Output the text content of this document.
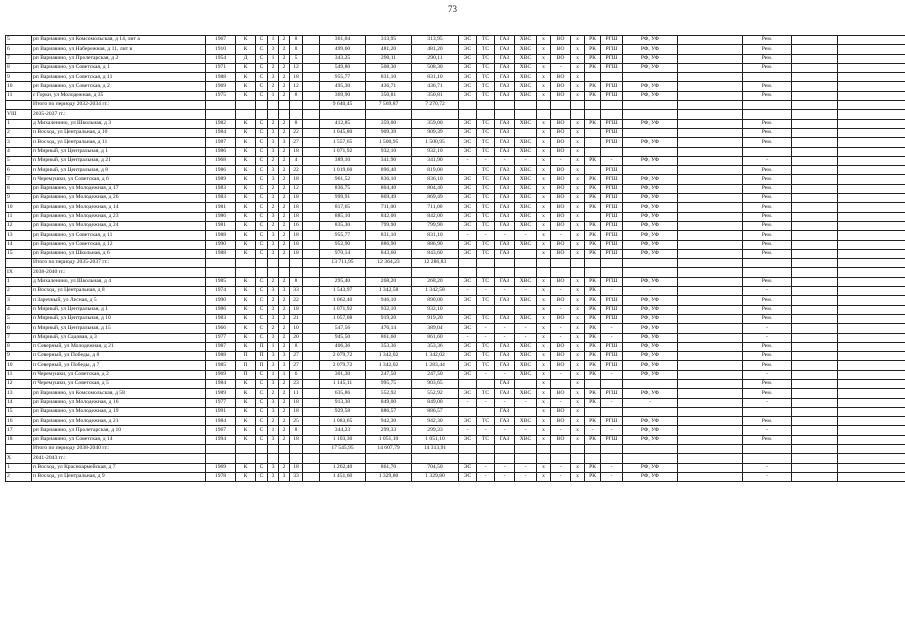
73
5	рп Варнавино, ул Комсомольская, д 14, лит а	1967	К	С	1	2	8		361,04	313,95	313,95	ЭС	ТС	ГАЗ	ХВС	х	ВО	х	РК	РГШ	РФ, УФ		Рем.		
6	рп Варнавино, ул Набережная, д 11, лит в	1910	К	С	3	2	8		499,60	481,20	481,20	ЭС	ТС	ГАЗ	ХВС	х	ВО	х	РК	РГШ	РФ, УФ		Рем.		
7	рп Варнавино, ул Пролетарская, д 2	1954	Д	С	1	2	5		343,25	290,11	290,11	ЭС	ТС	ГАЗ	ХВС	х	ВО	х	РК	РГШ	РФ, УФ		Рем.		
8	рп Варнавино, ул Советская, д 1	1971	К	С	2	2	12		549,80	508,30	508,30	ЭС	ТС	ГАЗ	ХВС	х	-	х	РК	РГШ	РФ, УФ		Рем.		
9	рп Варнавино, ул Советская, д 11	1988	К	С	3	2	18		955,77	831,10	831,10	ЭС	ТС	ГАЗ	ХВС	х	ВО	х							
10	рп Варнавино, ул Советская, д 2	1969	К	С	2	2	12		495,30	436,71	436,71	ЭС	ТС	ГАЗ	ХВС	х	ВО	х	РК	РГШ	РФ, УФ		Рем.		
11	с Горки, ул Молодежная, д 35	1975	К	С	1	2	8		369,90	350,81	350,81	ЭС	ТС	ГАЗ	ХВС	х	ВО	х	РК	РГШ	РФ, УФ		Рем.		
	Итого по периоду 2032-2034 гг.:								9 640,45	7 569,87	7 270,72														
VIII	2035-2037 гг.:																								
1	д Михаленино, ул Школьная, д 3	1982	К	С	2	2	8		412,85	359,00	359,00	ЭС	ТС	ГАЗ	ХВС	х	ВО	х	РК	РГШ	РФ, УФ		Рем.		
2	п Восход, ул Центральная, д 10	1984	К	С	3	2	22		1 045,80	909,39	909,39	ЭС	ТС	ГАЗ		х	ВО	х		РГШ			Рем.		
3	п Восход, ул Центральная, д 11	1987	К	С	3	3	27		1 557,65	1 500,95	1 500,95	ЭС	ТС	ГАЗ	ХВС	х	ВО	х		РГШ	РФ, УФ		Рем.		
4	п Мирный, ул Центральная, д 1	1986	К	С	3	2	18		1 071,92	932,10	932,10	ЭС	ТС	ГАЗ	ХВС	х	ВО	х							
5	п Мирный, ул Центральная, д 21	1968	К	С	2	2	4		389,10	341,90	341,90	-	-	-	-	х	-	х	РК	-	РФ, УФ		-		
6	п Мирный, ул Центральная, д 8	1986	К	С	3	2	22		1 019,60	896,40	819,00		ТС	ГАЗ	ХВС	х	ВО	х		РГШ			Рем.		
7	п Черемушки, ул Советская, д 6	1989	К	С	3	2	18		961,52	836,10	836,10	ЭС	ТС	ГАЗ	ХВС	х	ВО	х	РК	РГШ	РФ, УФ		Рем.		
8	рп Варнавино, ул Молодежная, д 17	1983	К	С	2	2	12		836,75	804,40	804,40	ЭС	ТС	ГАЗ	ХВС	х	ВО	х	РК	РГШ	РФ, УФ		Рем.		
9	рп Варнавино, ул Молодежная, д 26	1983	К	С	3	2	18		999,91	869,49	869,49	ЭС	ТС	ГАЗ	ХВС	х	ВО	х	РК	РГШ	РФ, УФ		Рем.		
10	рп Варнавино, ул Молодежная, д 14	1981	К	С	2	2	18		817,65	711,00	711,00	ЭС	ТС	ГАЗ	ХВС	х	ВО	х	РК	РГШ	РФ, УФ		Рем.		
11	рп Варнавино, ул Молодежная, д 23	1986	К	С	3	2	18		885,10	842,00	842,00	ЭС	ТС	ГАЗ	ХВС	х	ВО	х		РГШ	РФ, УФ		Рем.		
12	рп Варнавино, ул Молодежная, д 24	1981	К	С	2	2	16		835,30	799,90	799,90	ЭС	ТС	ГАЗ	ХВС	х	ВО	х	РК	РГШ	РФ, УФ		Рем.		
13	рп Варнавино, ул Советская, д 11	1988	К	С	3	2	18		955,77	831,10	831,10	-	-	-	-	х	-	х	РК	РГШ	РФ, УФ		Рем.		
14	рп Варнавино, ул Советская, д 12	1990	К	С	3	2	18		952,90	886,90	886,90	ЭС	ТС	ГАЗ	ХВС	х	ВО	х	РК	РГШ	РФ, УФ		Рем.		
15	рп Варнавино, ул Школьная, д 6	1988	К	С	3	2	18		970,14	843,60	843,60	ЭС	ТС	ГАЗ		х	ВО	х	РК	РГШ	РФ, УФ		Рем.		
	Итого по периоду 2035-2037 гг.:								13 711,95	12 364,23	12 286,83														
IX	2038-2040 гг.:																								
1	д Михаленино, ул Школьная, д 4	1985	К	С	2	2	8		295,40	268,20	268,20	ЭС	ТС	ГАЗ	ХВС	х	ВО	х	РК	РГШ	РФ, УФ		Рем.		
2	п Восход, ул Центральная, д 8	1974	К	С	3	3	33		1 543,97	1 342,58	1 342,58	-	-	-	-	х	-	х	РК	-	-		-		
3	п Заречный, ул Лесная, д 5	1990	К	С	2	2	22		1 062,40	946,10	890,00	ЭС	ТС	ГАЗ	ХВС	х	ВО	х	РК	РГШ	РФ, УФ		Рем.		
4	п Мирный, ул Центральная, д 1	1986	К	С	3	2	18		1 071,92	932,10	932,10					х	-	х	РК	РГШ	РФ, УФ		Рем.		
5	п Мирный, ул Центральная, д 10	1983	К	С	3	2	21		1 057,08	919,20	919,20	ЭС	ТС	ГАЗ	ХВС	х	ВО	х	РК	РГШ	РФ, УФ		Рем.		
6	п Мирный, ул Центральная, д 15	1966	К	С	2	2	10		547,56	476,14	389,04	ЭС	-	-	-	х	-	х	РК	-	РФ, УФ		-		
7	п Мирный, ул Садовая, д 3	1977	К	С	3	2	20		945,50	861,60	861,60	-	-	-	-	х	-	х	РК	-	РФ, УФ		-		
8	п Северный, ул Молодежная, д 21	1987	К	П	1	2	8		406,36	353,36	353,36	ЭС	ТС	ГАЗ	ХВС	х	ВО	х	РК	РГШ	РФ, УФ		Рем.		
9	п Северный, ул Победы, д 8	1988	П	П	3	3	27		2 079,72	1 342,02	1 342,02	ЭС	ТС	ГАЗ	ХВС	х	ВО	х	РК	РГШ	РФ, УФ		Рем.		
10	п Северный, ул Победы, д 7	1985	П	П	3	3	27		2 079,72	1 342,02	1 283,44	ЭС	ТС	ГАЗ	ХВС	х	ВО	х	РК	РГШ	РФ, УФ		Рем.		
11	п Черемушки, ул Советская, д 2	1969	П	С	1	1	6		301,30	247,50	247,50	ЭС	-	-	ХВС	х	-	х	РК	-	РФ, УФ		-		
12	п Черемушки, ул Советская, д 5	1984	К	С	3	2	23		1 145,11	995,75	903,65			ГАЗ		х		х					Рем.		
13	рп Варнавино, ул Комсомольская, д 58	1989	К	С	2	2	11		635,86	552,92	552,92	ЭС	ТС	ГАЗ	ХВС	х	ВО	х	РК	РГШ	РФ, УФ		Рем.		
14	рп Варнавино, ул Молодежная, д 16	1977	К	С	3	2	18		913,30	849,00	849,00	-	-	-	-	х	-	х	РК	-	-		-		
15	рп Варнавино, ул Молодежная, д 19	1991	К	С	3	2	18		929,58	886,57	886,57			ГАЗ		х	ВО	х							
16	рп Варнавино, ул Молодежная, д 21	1984	К	С	2	2	25		1 083,65	942,30	942,30	ЭС	ТС	ГАЗ	ХВС	х	ВО	х	РК	РГШ	РФ, УФ		Рем.		
17	рп Варнавино, ул Пролетарская, д 10	1967	К	С	1	2	8		344,23	299,33	299,33	-	-	-	-	х	-	х	-	-	РФ, УФ		-		
18	рп Варнавино, ул Советская, д 14	1994	К	С	3	2	18		1 103,30	1 051,10	1 051,10	ЭС	ТС	ГАЗ	ХВС	х	ВО	х	РК	РГШ	РФ, УФ		Рем.		
	Итого по периоду 2038-2040 гг.:								17 545,95	14 607,79	14 313,91														
X	2041-2043 гг.:																								
1	п Восход, ул Красноармейская, д 7	1969	К	С	3	2	18		1 262,40	861,70	704,50	ЭС	-	-	-	х	-	х	РК	-	РФ, УФ		-		
2	п Восход, ул Центральная, д 9	1978	К	С	3	3	33		1 451,60	1 329,80	1 329,80	ЭС	-	-	-	х	-	х	РК	-	РФ, УФ		-		
